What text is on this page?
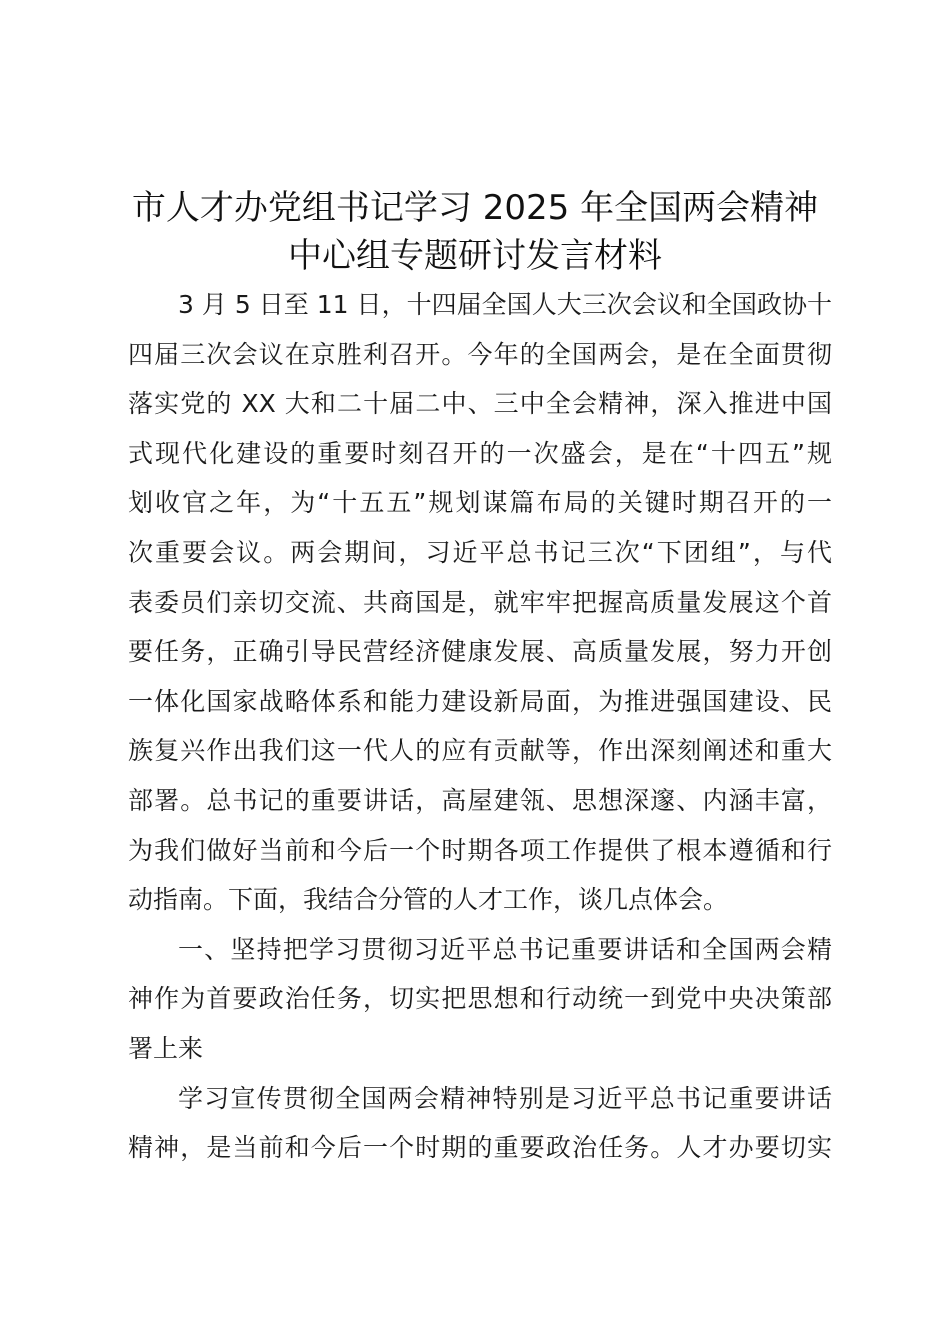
市人才办党组书记学习 2025 年全国两会精神
中心组专题研讨发言材料
3 月 5 日至 11 日，十四届全国人大三次会议和全国政协十
四届三次会议在京胜利召开。今年的全国两会，是在全面贯彻
落实党的 XX 大和二十届二中、三中全会精神，深入推进中国
式现代化建设的重要时刻召开的一次盛会，是在“十四五”规
划收官之年，为“十五五”规划谋篇布局的关键时期召开的一
次重要会议。两会期间，习近平总书记三次“下团组”，与代
表委员们亲切交流、共商国是，就牢牢把握高质量发展这个首
要任务，正确引导民营经济健康发展、高质量发展，努力开创
一体化国家战略体系和能力建设新局面，为推进强国建设、民
族复兴作出我们这一代人的应有贡献等，作出深刻阐述和重大
部署。总书记的重要讲话，高屋建瓴、思想深邃、内涵丰富，
为我们做好当前和今后一个时期各项工作提供了根本遵循和行
动指南。下面，我结合分管的人才工作，谈几点体会。
一、坚持把学习贯彻习近平总书记重要讲话和全国两会精
神作为首要政治任务，切实把思想和行动统一到党中央决策部
署上来
学习宣传贯彻全国两会精神特别是习近平总书记重要讲话
精神，是当前和今后一个时期的重要政治任务。人才办要切实
